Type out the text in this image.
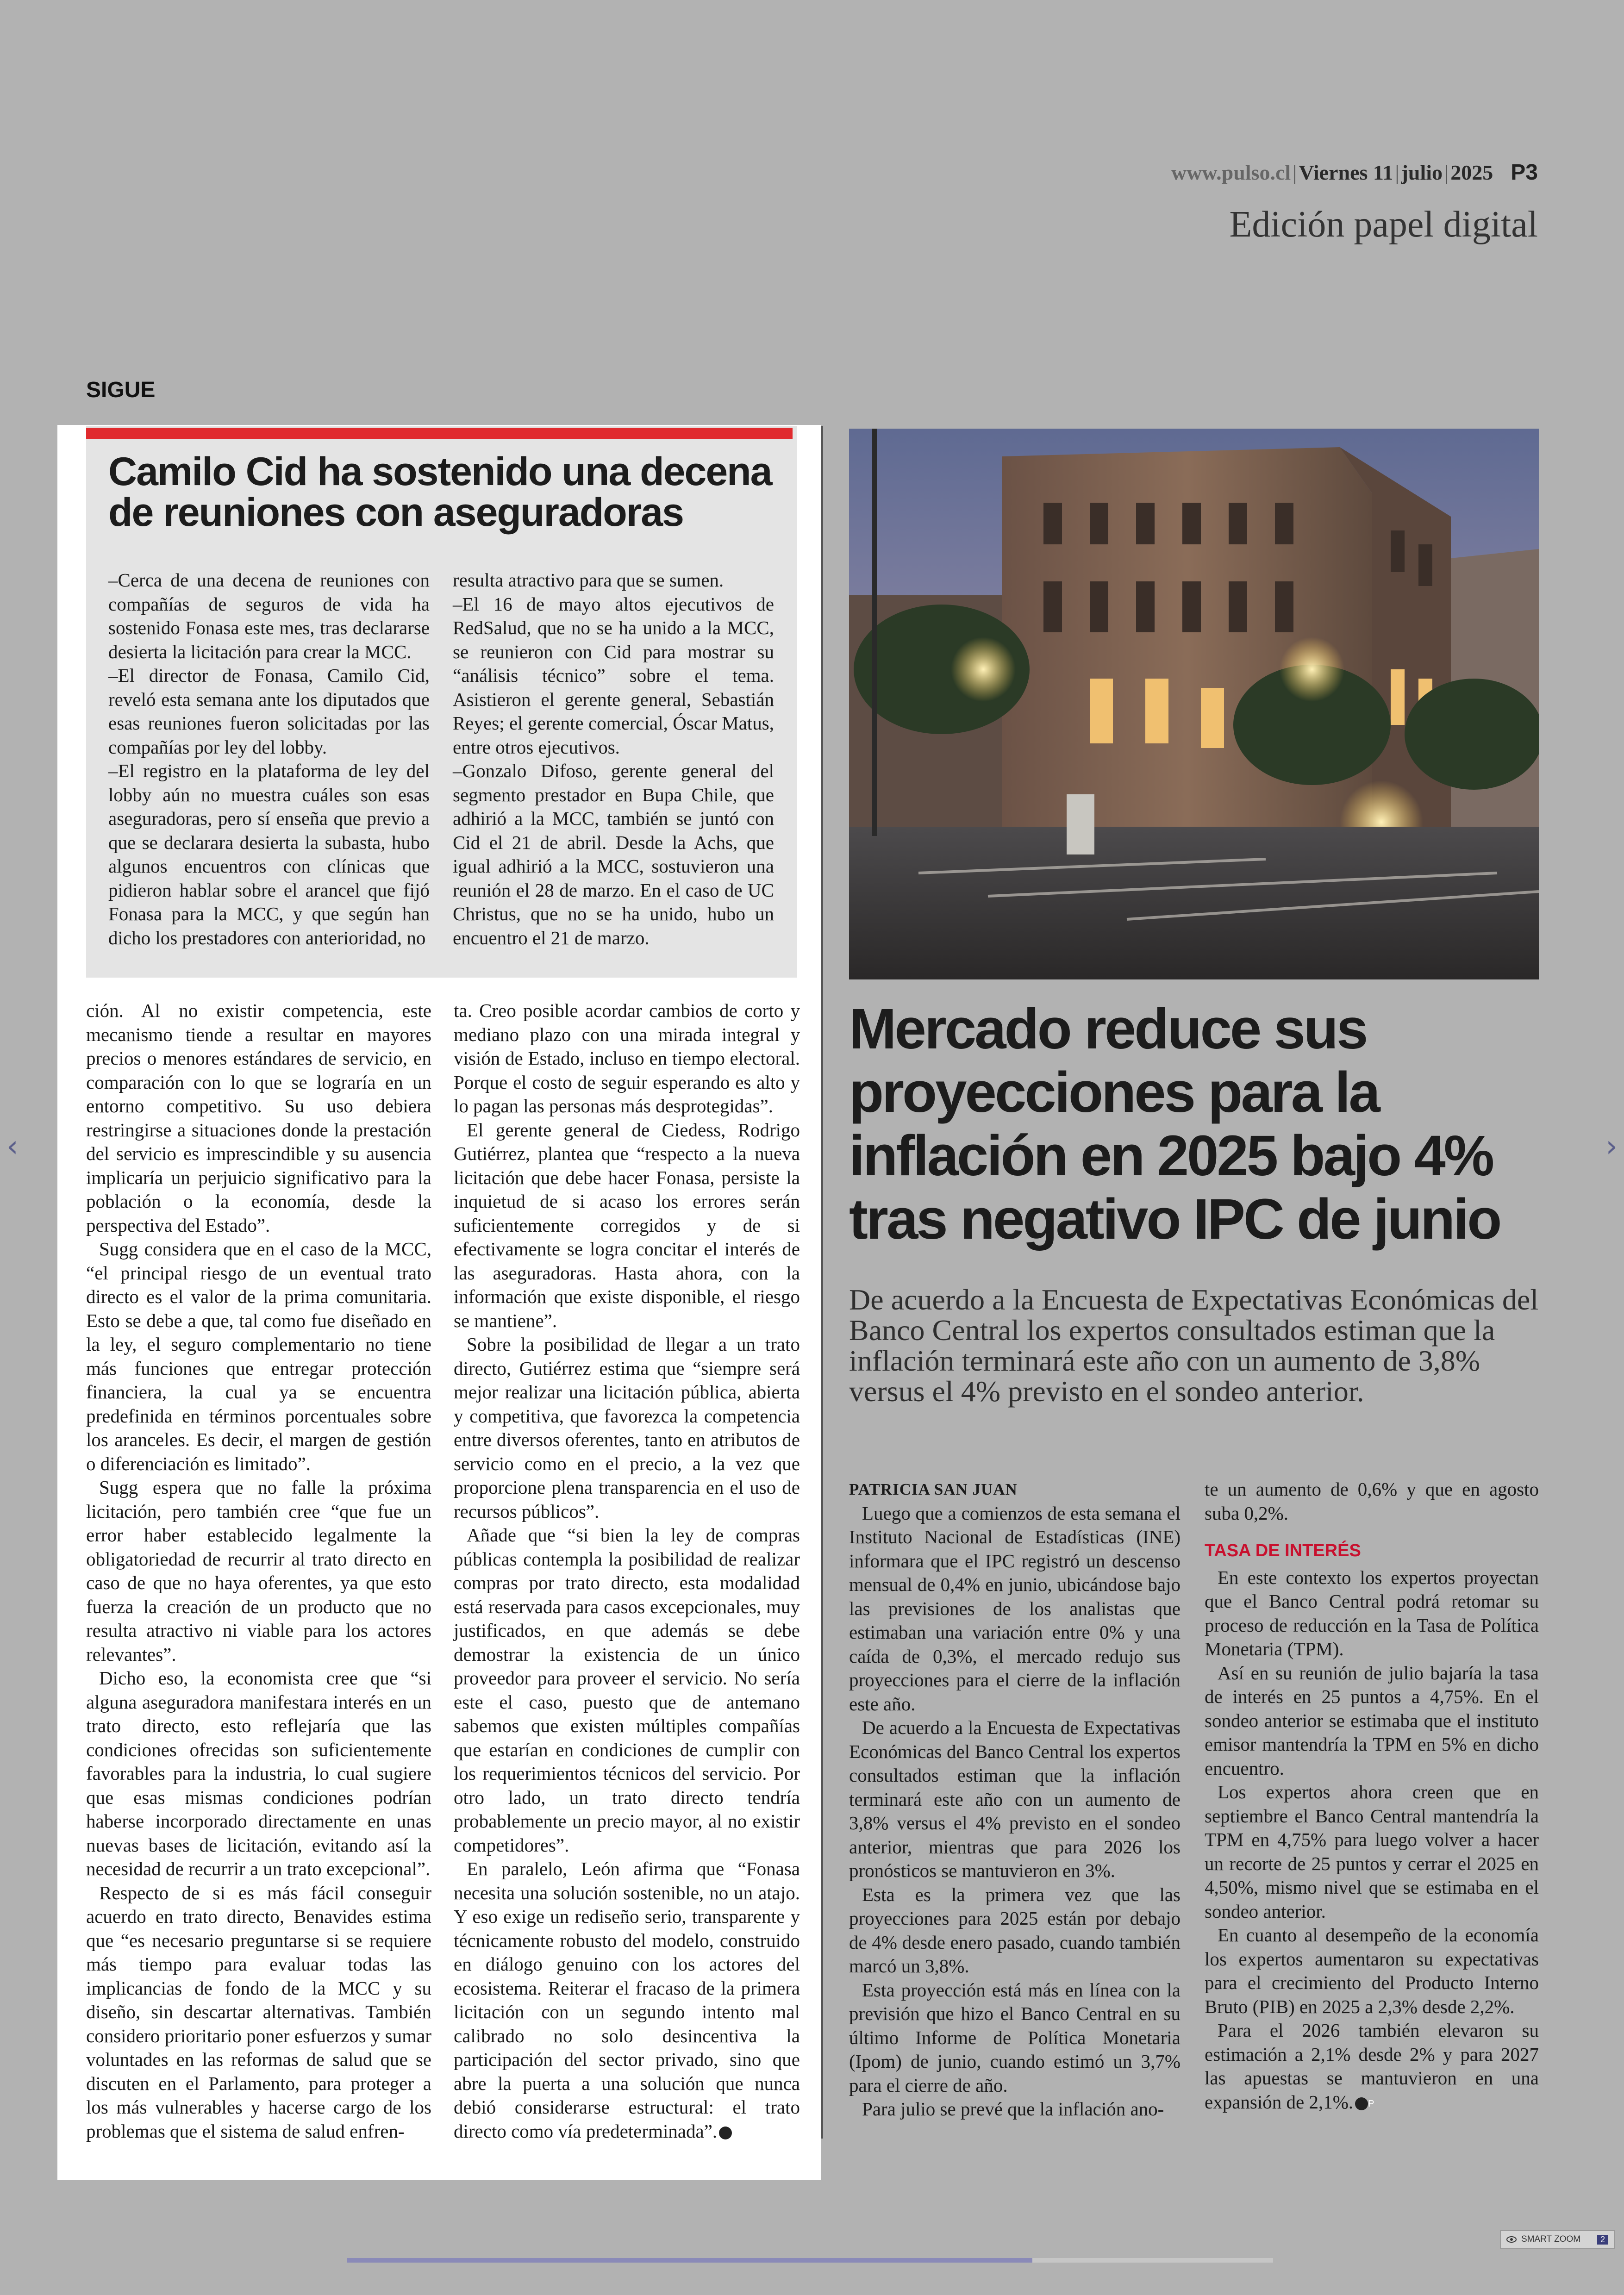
www.pulso.cl|Viernes 11|julio|2025 P3
Edición papel digital
SIGUE
Camilo Cid ha sostenido una decena de reuniones con aseguradoras

–Cerca de una decena de reuniones con compañías de seguros de vida ha sostenido Fonasa este mes, tras declararse desierta la licitación para crear la MCC.

–El director de Fonasa, Camilo Cid, reveló esta semana ante los diputados que esas reuniones fueron solicitadas por las compañías por ley del lobby.

–El registro en la plataforma de ley del lobby aún no muestra cuáles son esas aseguradoras, pero sí enseña que previo a que se declarara desierta la subasta, hubo algunos encuentros con clínicas que pidieron hablar sobre el arancel que fijó Fonasa para la MCC, y que según han dicho los prestadores con anterioridad, no

resulta atractivo para que se sumen.

–El 16 de mayo altos ejecutivos de RedSalud, que no se ha unido a la MCC, se reunieron con Cid para mostrar su “análisis técnico” sobre el tema. Asistieron el gerente general, Sebastián Reyes; el gerente comercial, Óscar Matus, entre otros ejecutivos.

–Gonzalo Difoso, gerente general del segmento prestador en Bupa Chile, que adhirió a la MCC, también se juntó con Cid el 21 de abril. Desde la Achs, que igual adhirió a la MCC, sostuvieron una reunión el 28 de marzo. En el caso de UC Christus, que no se ha unido, hubo un encuentro el 21 de marzo.

ción. Al no existir competencia, este mecanismo tiende a resultar en mayores precios o menores estándares de servicio, en comparación con lo que se lograría en un entorno competitivo. Su uso debiera restringirse a situaciones donde la prestación del servicio es imprescindible y su ausencia implicaría un perjuicio significativo para la población o la economía, desde la perspectiva del Estado”.

Sugg considera que en el caso de la MCC, “el principal riesgo de un eventual trato directo es el valor de la prima comunitaria. Esto se debe a que, tal como fue diseñado en la ley, el seguro complementario no tiene más funciones que entregar protección financiera, la cual ya se encuentra predefinida en términos porcentuales sobre los aranceles. Es decir, el margen de gestión o diferenciación es limitado”.

Sugg espera que no falle la próxima licitación, pero también cree “que fue un error haber establecido legalmente la obligatoriedad de recurrir al trato directo en caso de que no haya oferentes, ya que esto fuerza la creación de un producto que no resulta atractivo ni viable para los actores relevantes”.

Dicho eso, la economista cree que “si alguna aseguradora manifestara interés en un trato directo, esto reflejaría que las condiciones ofrecidas son suficientemente favorables para la industria, lo cual sugiere que esas mismas condiciones podrían haberse incorporado directamente en unas nuevas bases de licitación, evitando así la necesidad de recurrir a un trato excepcional”.

Respecto de si es más fácil conseguir acuerdo en trato directo, Benavides estima que “es necesario preguntarse si se requiere más tiempo para evaluar todas las implicancias de fondo de la MCC y su diseño, sin descartar alternativas. También considero prioritario poner esfuerzos y sumar voluntades en las reformas de salud que se discuten en el Parlamento, para proteger a los más vulnerables y hacerse cargo de los problemas que el sistema de salud enfren-

ta. Creo posible acordar cambios de corto y mediano plazo con una mirada integral y visión de Estado, incluso en tiempo electoral. Porque el costo de seguir esperando es alto y lo pagan las personas más desprotegidas”.

El gerente general de Ciedess, Rodrigo Gutiérrez, plantea que “respecto a la nueva licitación que debe hacer Fonasa, persiste la inquietud de si acaso los errores serán suficientemente corregidos y de si efectivamente se logra concitar el interés de las aseguradoras. Hasta ahora, con la información que existe disponible, el riesgo se mantiene”.

Sobre la posibilidad de llegar a un trato directo, Gutiérrez estima que “siempre será mejor realizar una licitación pública, abierta y competitiva, que favorezca la competencia entre diversos oferentes, tanto en atributos de servicio como en el precio, a la vez que proporcione plena transparencia en el uso de recursos públicos”.

Añade que “si bien la ley de compras públicas contempla la posibilidad de realizar compras por trato directo, esta modalidad está reservada para casos excepcionales, muy justificados, en que además se debe demostrar la existencia de un único proveedor para proveer el servicio. No sería este el caso, puesto que de antemano sabemos que existen múltiples compañías que estarían en condiciones de cumplir con los requerimientos técnicos del servicio. Por otro lado, un trato directo tendría probablemente un precio mayor, al no existir competidores”.

En paralelo, León afirma que “Fonasa necesita una solución sostenible, no un atajo. Y eso exige un rediseño serio, transparente y técnicamente robusto del modelo, construido en diálogo genuino con los actores del ecosistema. Reiterar el fracaso de la primera licitación con un segundo intento mal calibrado no solo desincentiva la participación del sector privado, sino que abre la puerta a una solución que nunca debió considerarse estructural: el trato directo como vía predeterminada”. P

Mercado reduce sus proyecciones para la inflación en 2025 bajo 4% tras negativo IPC de junio
De acuerdo a la Encuesta de Expectativas Económicas del Banco Central los expertos consultados estiman que la inflación terminará este año con un aumento de 3,8% versus el 4% previsto en el sondeo anterior.

PATRICIA SAN JUAN

Luego que a comienzos de esta semana el Instituto Nacional de Estadísticas (INE) informara que el IPC registró un descenso mensual de 0,4% en junio, ubicándose bajo las previsiones de los analistas que estimaban una variación entre 0% y una caída de 0,3%, el mercado redujo sus proyecciones para el cierre de la inflación este año.

De acuerdo a la Encuesta de Expectativas Económicas del Banco Central los expertos consultados estiman que la inflación terminará este año con un aumento de 3,8% versus el 4% previsto en el sondeo anterior, mientras que para 2026 los pronósticos se mantuvieron en 3%.

Esta es la primera vez que las proyecciones para 2025 están por debajo de 4% desde enero pasado, cuando también marcó un 3,8%.

Esta proyección está más en línea con la previsión que hizo el Banco Central en su último Informe de Política Monetaria (Ipom) de junio, cuando estimó un 3,7% para el cierre de año.

Para julio se prevé que la inflación ano-

te un aumento de 0,6% y que en agosto suba 0,2%.

TASA DE INTERÉS

En este contexto los expertos proyectan que el Banco Central podrá retomar su proceso de reducción en la Tasa de Política Monetaria (TPM).

Así en su reunión de julio bajaría la tasa de interés en 25 puntos a 4,75%. En el sondeo anterior se estimaba que el instituto emisor mantendría la TPM en 5% en dicho encuentro.

Los expertos ahora creen que en septiembre el Banco Central mantendría la TPM en 4,75% para luego volver a hacer un recorte de 25 puntos y cerrar el 2025 en 4,50%, mismo nivel que se estimaba en el sondeo anterior.

En cuanto al desempeño de la economía los expertos aumentaron su expectativas para el crecimiento del Producto Interno Bruto (PIB) en 2025 a 2,3% desde 2,2%.

Para el 2026 también elevaron su estimación a 2,1% desde 2% y para 2027 las apuestas se mantuvieron en una expansión de 2,1%. P

‹	›
SMART ZOOM	2
